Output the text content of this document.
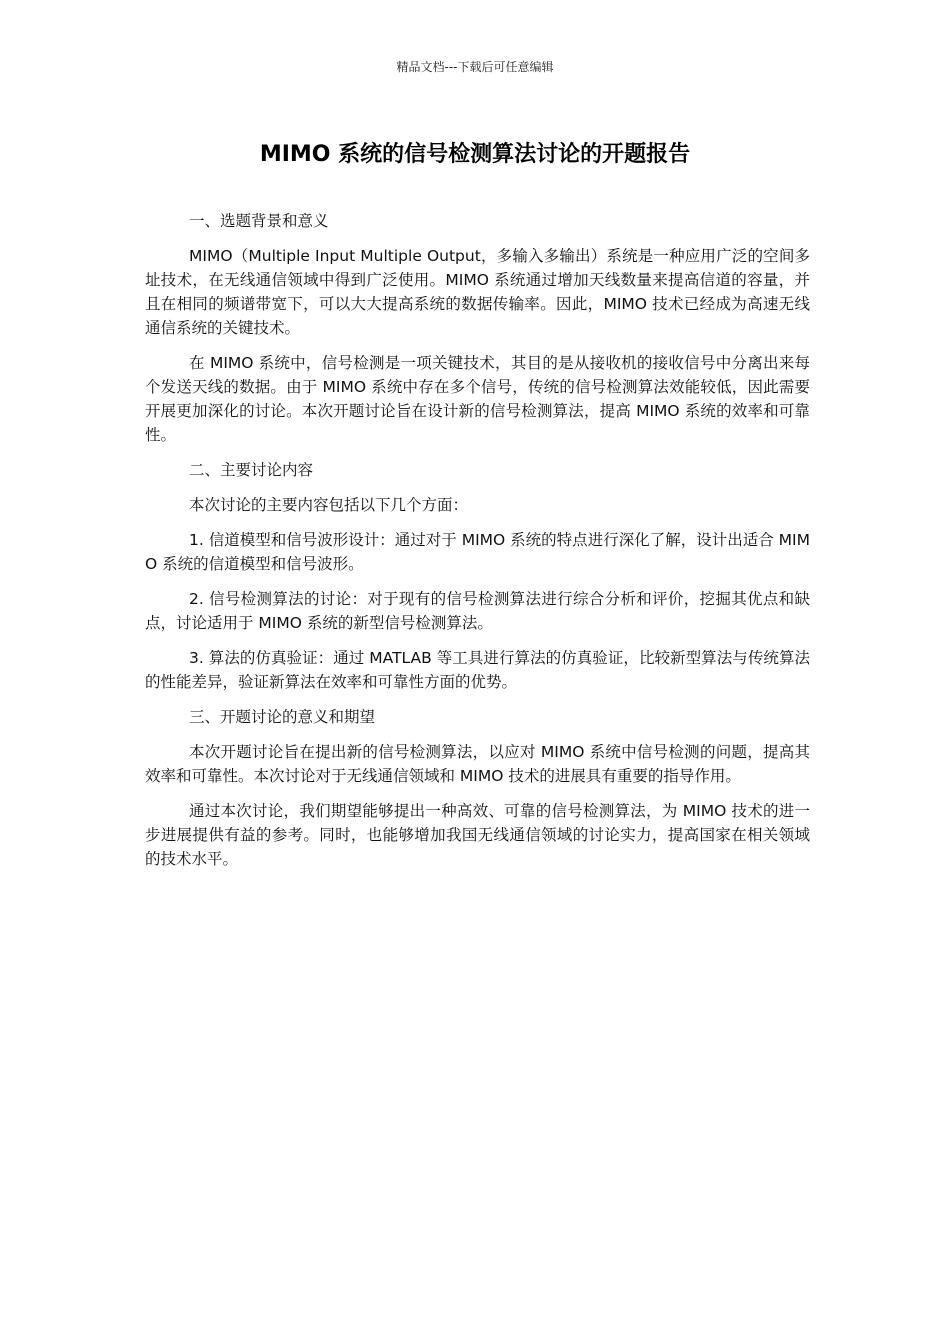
精品文档---下载后可任意编辑
MIMO 系统的信号检测算法讨论的开题报告

一、选题背景和意义

MIMO（Multiple Input Multiple Output，多输入多输出）系统是一种应用广泛的空间多址技术，在无线通信领域中得到广泛使用。MIMO 系统通过增加天线数量来提高信道的容量，并且在相同的频谱带宽下，可以大大提高系统的数据传输率。因此，MIMO 技术已经成为高速无线通信系统的关键技术。

在 MIMO 系统中，信号检测是一项关键技术，其目的是从接收机的接收信号中分离出来每个发送天线的数据。由于 MIMO 系统中存在多个信号，传统的信号检测算法效能较低，因此需要开展更加深化的讨论。本次开题讨论旨在设计新的信号检测算法，提高 MIMO 系统的效率和可靠性。

二、主要讨论内容

本次讨论的主要内容包括以下几个方面：

1. 信道模型和信号波形设计：通过对于 MIMO 系统的特点进行深化了解，设计出适合 MIMO 系统的信道模型和信号波形。

2. 信号检测算法的讨论：对于现有的信号检测算法进行综合分析和评价，挖掘其优点和缺点，讨论适用于 MIMO 系统的新型信号检测算法。

3. 算法的仿真验证：通过 MATLAB 等工具进行算法的仿真验证，比较新型算法与传统算法的性能差异，验证新算法在效率和可靠性方面的优势。

三、开题讨论的意义和期望

本次开题讨论旨在提出新的信号检测算法，以应对 MIMO 系统中信号检测的问题，提高其效率和可靠性。本次讨论对于无线通信领域和 MIMO 技术的进展具有重要的指导作用。

通过本次讨论，我们期望能够提出一种高效、可靠的信号检测算法，为 MIMO 技术的进一步进展提供有益的参考。同时，也能够增加我国无线通信领域的讨论实力，提高国家在相关领域的技术水平。
